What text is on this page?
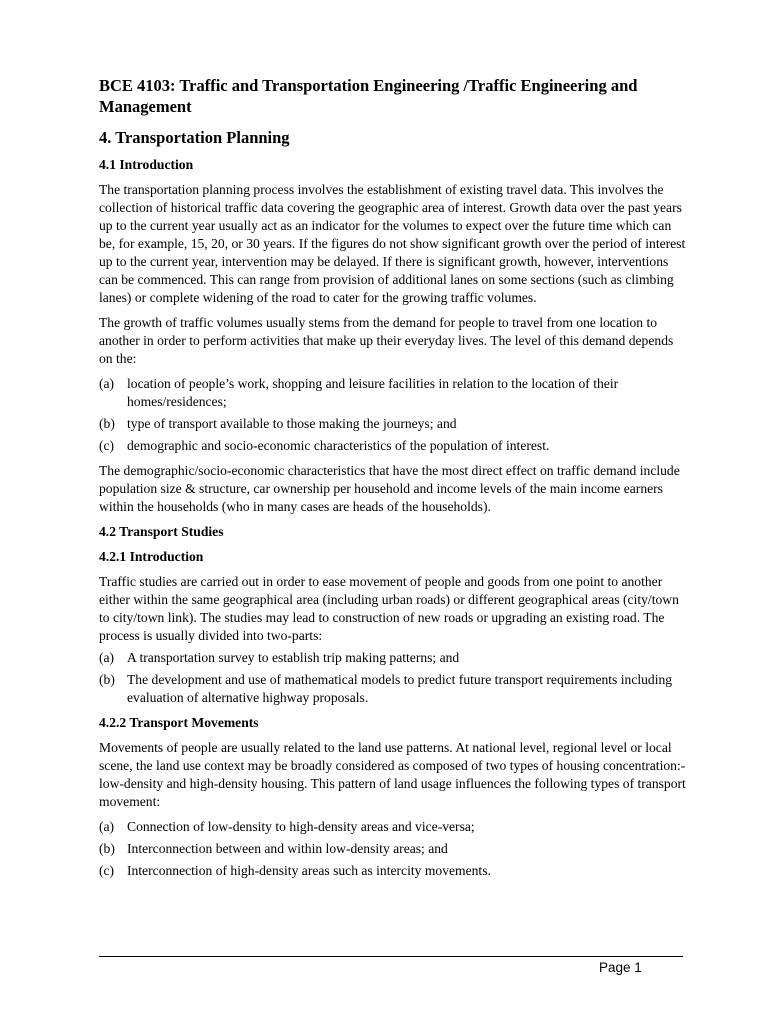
BCE 4103: Traffic and Transportation Engineering /Traffic Engineering and Management
4. Transportation Planning
4.1 Introduction

The transportation planning process involves the establishment of existing travel data. This involves the collection of historical traffic data covering the geographic area of interest. Growth data over the past years up to the current year usually act as an indicator for the volumes to expect over the future time which can be, for example, 15, 20, or 30 years. If the figures do not show significant growth over the period of interest up to the current year, intervention may be delayed. If there is significant growth, however, interventions can be commenced. This can range from provision of additional lanes on some sections (such as climbing lanes) or complete widening of the road to cater for the growing traffic volumes.

The growth of traffic volumes usually stems from the demand for people to travel from one location to another in order to perform activities that make up their everyday lives. The level of this demand depends on the:

(a) location of people’s work, shopping and leisure facilities in relation to the location of their homes/residences;
(b) type of transport available to those making the journeys; and
(c) demographic and socio-economic characteristics of the population of interest.

The demographic/socio-economic characteristics that have the most direct effect on traffic demand include population size & structure, car ownership per household and income levels of the main income earners within the households (who in many cases are heads of the households).

4.2 Transport Studies
4.2.1 Introduction

Traffic studies are carried out in order to ease movement of people and goods from one point to another either within the same geographical area (including urban roads) or different geographical areas (city/town to city/town link). The studies may lead to construction of new roads or upgrading an existing road. The process is usually divided into two-parts:

(a) A transportation survey to establish trip making patterns; and
(b) The development and use of mathematical models to predict future transport requirements including evaluation of alternative highway proposals.
4.2.2 Transport Movements

Movements of people are usually related to the land use patterns. At national level, regional level or local scene, the land use context may be broadly considered as composed of two types of housing concentration:- low-density and high-density housing. This pattern of land usage influences the following types of transport movement:

(a) Connection of low-density to high-density areas and vice-versa;
(b) Interconnection between and within low-density areas; and
(c) Interconnection of high-density areas such as intercity movements.
Page 1
